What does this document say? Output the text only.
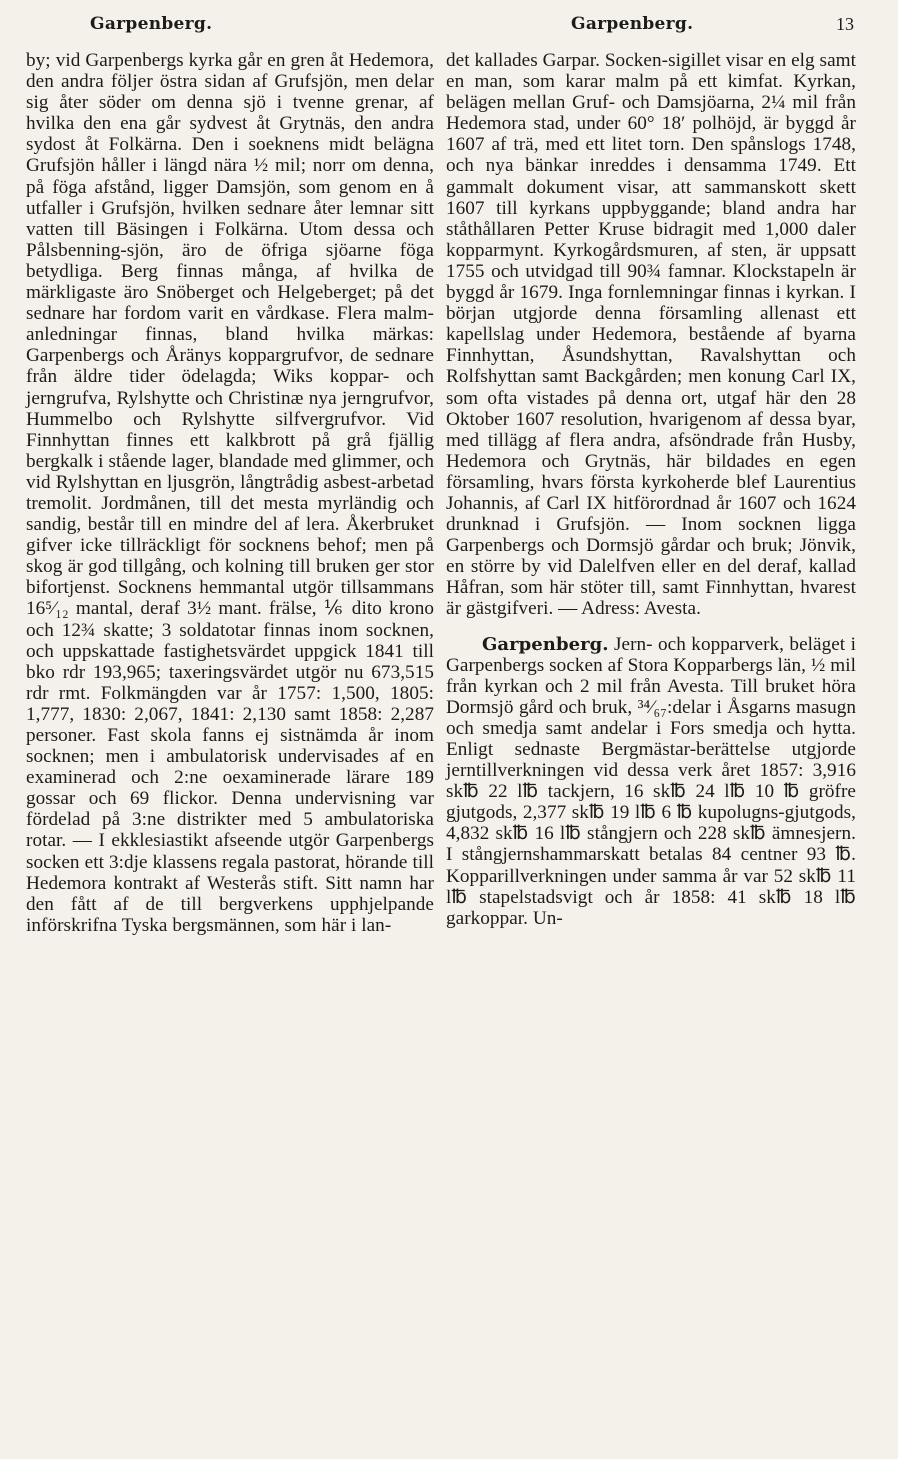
Garpenberg.	Garpenberg.	13

by; vid Garpenbergs kyrka går en gren åt Hedemora, den andra följer östra sidan af Grufsjön, men delar sig åter söder om denna sjö i tvenne grenar, af hvilka den ena går sydvest åt Grytnäs, den andra sydost åt Folkärna. Den i soeknens midt belägna Grufsjön håller i längd nära ½ mil; norr om denna, på föga afstånd, ligger Damsjön, som genom en å utfaller i Grufsjön, hvilken sednare åter lemnar sitt vatten till Bäsingen i Folkärna. Utom dessa och Pålsbenning-sjön, äro de öfriga sjöarne föga betydliga. Berg finnas många, af hvilka de märkligaste äro Snöberget och Helgeberget; på det sednare har fordom varit en vårdkase. Flera malm-anledningar finnas, bland hvilka märkas: Garpenbergs och Åränys koppargrufvor, de sednare från äldre tider ödelagda; Wiks koppar- och jerngrufva, Rylshytte och Christinæ nya jerngrufvor, Hummelbo och Rylshytte silfvergrufvor. Vid Finnhyttan finnes ett kalkbrott på grå fjällig bergkalk i stående lager, blandade med glimmer, och vid Rylshyttan en ljusgrön, långtrådig asbest-arbetad tremolit. Jordmånen, till det mesta myrländig och sandig, består till en mindre del af lera. Åkerbruket gifver icke tillräckligt för socknens behof; men på skog är god tillgång, och kolning till bruken ger stor bifortjenst. Socknens hemmantal utgör tillsammans 16⁵⁄₁₂ mantal, deraf 3½ mant. frälse, ⅙ dito krono och 12¾ skatte; 3 soldatotar finnas inom socknen, och uppskattade fastighetsvärdet uppgick 1841 till bko rdr 193,965; taxeringsvärdet utgör nu 673,515 rdr rmt. Folkmängden var år 1757: 1,500, 1805: 1,777, 1830: 2,067, 1841: 2,130 samt 1858: 2,287 personer. Fast skola fanns ej sistnämda år inom socknen; men i ambulatorisk undervisades af en examinerad och 2:ne oexaminerade lärare 189 gossar och 69 flickor. Denna undervisning var fördelad på 3:ne distrikter med 5 ambulatoriska rotar. — I ekklesiastikt afseende utgör Garpenbergs socken ett 3:dje klassens regala pastorat, hörande till Hedemora kontrakt af Westerås stift. Sitt namn har den fått af de till bergverkens upphjelpande införskrifna Tyska bergsmännen, som här i lan-

det kallades Garpar. Socken-sigillet visar en elg samt en man, som karar malm på ett kimfat. Kyrkan, belägen mellan Gruf- och Damsjöarna, 2¼ mil från Hedemora stad, under 60° 18′ polhöjd, är byggd år 1607 af trä, med ett litet torn. Den spånslogs 1748, och nya bänkar inreddes i densamma 1749. Ett gammalt dokument visar, att sammanskott skett 1607 till kyrkans uppbyggande; bland andra har ståthållaren Petter Kruse bidragit med 1,000 daler kopparmynt. Kyrkogårdsmuren, af sten, är uppsatt 1755 och utvidgad till 90¾ famnar. Klockstapeln är byggd år 1679. Inga fornlemningar finnas i kyrkan. I början utgjorde denna församling allenast ett kapellslag under Hedemora, bestående af byarna Finnhyttan, Åsundshyttan, Ravalshyttan och Rolfshyttan samt Backgården; men konung Carl IX, som ofta vistades på denna ort, utgaf här den 28 Oktober 1607 resolution, hvarigenom af dessa byar, med tillägg af flera andra, afsöndrade från Husby, Hedemora och Grytnäs, här bildades en egen församling, hvars första kyrkoherde blef Laurentius Johannis, af Carl IX hitförordnad år 1607 och 1624 drunknad i Grufsjön. — Inom socknen ligga Garpenbergs och Dormsjö gårdar och bruk; Jönvik, en större by vid Dalelfven eller en del deraf, kallad Håfran, som här stöter till, samt Finnhyttan, hvarest är gästgifveri. — Adress: Avesta.

Garpenberg. Jern- och kopparverk, beläget i Garpenbergs socken af Stora Kopparbergs län, ½ mil från kyrkan och 2 mil från Avesta. Till bruket höra Dormsjö gård och bruk, ³⁴⁄₆₇:delar i Åsgarns masugn och smedja samt andelar i Fors smedja och hytta. Enligt sednaste Bergmästar-berättelse utgjorde jerntillverkningen vid dessa verk året 1857: 3,916 sk℔ 22 l℔ tackjern, 16 sk℔ 24 l℔ 10 ℔ gröfre gjutgods, 2,377 sk℔ 19 l℔ 6 ℔ kupolugns-gjutgods, 4,832 sk℔ 16 l℔ stångjern och 228 sk℔ ämnesjern. I stångjernshammarskatt betalas 84 centner 93 ℔. Kopparillverkningen under samma år var 52 sk℔ 11 l℔ stapelstadsvigt och år 1858: 41 sk℔ 18 l℔ garkoppar. Un-
